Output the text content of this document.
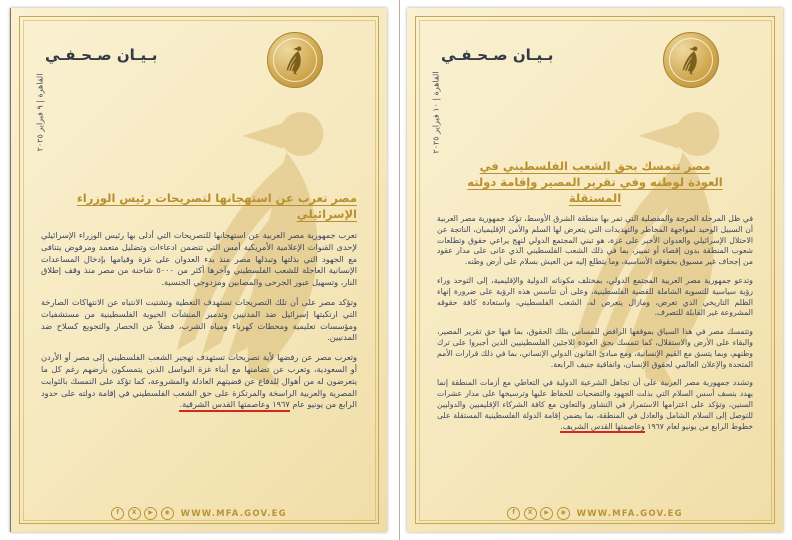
القاهرة | ٩ فبراير ٢٠٢٥
بـيـان صـحـفـي
مصر تعرب عن استهجانها لتصريحات رئيس الوزراء الإسرائيلي

تعرب جمهورية مصر العربية عن استهجانها للتصريحات التي أدلى بها رئيس الوزراء الإسرائيلي لإحدى القنوات الإعلامية الأمريكية أمس التي تتضمن ادعاءات وتضليل متعمد ومرفوض يتنافى مع الجهود التي بذلتها وتبذلها مصر منذ بدء العدوان على غزة وقيامها بإدخال المساعدات الإنسانية العاجلة للشعب الفلسطيني وآخرها أكثر من ٥٠٠٠ شاحنة من مصر منذ وقف إطلاق النار، وتسهيل عبور الجرحى والمصابين ومزدوجي الجنسية.

وتؤكد مصر على أن تلك التصريحات تستهدف التغطية وتشتيت الانتباه عن الانتهاكات الصارخة التي ارتكبتها إسرائيل ضد المدنيين وتدمير المنشآت الحيوية الفلسطينية من مستشفيات ومؤسسات تعليمية ومحطات كهرباء ومياه الشرب، فضلاً عن الحصار والتجويع كسلاح ضد المدنيين.

وتعرب مصر عن رفضها لأية تصريحات تستهدف تهجير الشعب الفلسطيني إلى مصر أو الأردن أو السعودية، وتعرب عن تضامنها مع أبناء غزة البواسل الذين يتمسكون بأرضهم رغم كل ما يتعرضون له من أهوال للدفاع عن قضيتهم العادلة والمشروعة، كما تؤكد على التمسك بالثوابت المصرية والعربية الراسخة والمرتكزة على حق الشعب الفلسطيني في إقامة دولته على حدود الرابع من يونيو عام ١٩٦٧ وعاصمتها القدس الشرقية.

f	X	▶	◉	WWW.MFA.GOV.EG
القاهرة | ١٠ فبراير ٢٠٢٥
بـيـان صـحـفـي
مصر تتمسك بحق الشعب الفلسطيني في العودة لوطنه وفي تقرير المصير وإقامة دولته المستقلة

في ظل المرحلة الحرجة والمفصلية التي تمر بها منطقة الشرق الأوسط، تؤكد جمهورية مصر العربية أن السبيل الوحيد لمواجهة المخاطر والتهديدات التي يتعرض لها السلم والأمن الإقليميان، الناتجة عن الاحتلال الإسرائيلي والعدوان الأخير على غزة، هو تبني المجتمع الدولي لنهج يراعي حقوق وتطلعات شعوب المنطقة بدون إقصاء أو تمييز، بما في ذلك الشعب الفلسطيني الذي عانى على مدار عقود من إجحاف غير مسبوق بحقوقه الأساسية، وما يتطلع إليه من العيش بسلام على أرض وطنه.

وتدعو جمهورية مصر العربية المجتمع الدولي، بمختلف مكوناته الدولية والإقليمية، إلى التوحد وراء رؤية سياسية للتسوية الشاملة للقضية الفلسطينية، وعلى أن تتأسس هذه الرؤية على ضرورة إنهاء الظلم التاريخي الذي تعرض، ومازال يتعرض له، الشعب الفلسطيني، واستعادة كافة حقوقه المشروعة غير القابلة للتصرف.

وتتمسك مصر في هذا السياق بموقفها الرافض للمساس بتلك الحقوق، بما فيها حق تقرير المصير، والبقاء على الأرض والاستقلال، كما تتمسك بحق العودة للاجئين الفلسطينيين الذين أجبروا على ترك وطنهم، وبما يتسق مع القيم الإنسانية، ومع مبادئ القانون الدولي الإنساني، بما في ذلك قرارات الأمم المتحدة والإعلان العالمي لحقوق الإنسان، واتفاقية جنيف الرابعة.

وتشدد جمهورية مصر العربية على أن تجاهل الشرعية الدولية في التعاطي مع أزمات المنطقة إنما يهدد بنسف أسس السلام التي بذلت الجهود والتضحيات للحفاظ عليها وترسيخها على مدار عشرات السنين، وتؤكد على اعتزامها الاستمرار في التشاور والتعاون مع كافة الشركاء الإقليميين والدوليين للتوصل إلى السلام الشامل والعادل في المنطقة، بما يضمن إقامة الدولة الفلسطينية المستقلة على خطوط الرابع من يونيو لعام ١٩٦٧ وعاصمتها القدس الشريف.

f	X	▶	◉	WWW.MFA.GOV.EG
